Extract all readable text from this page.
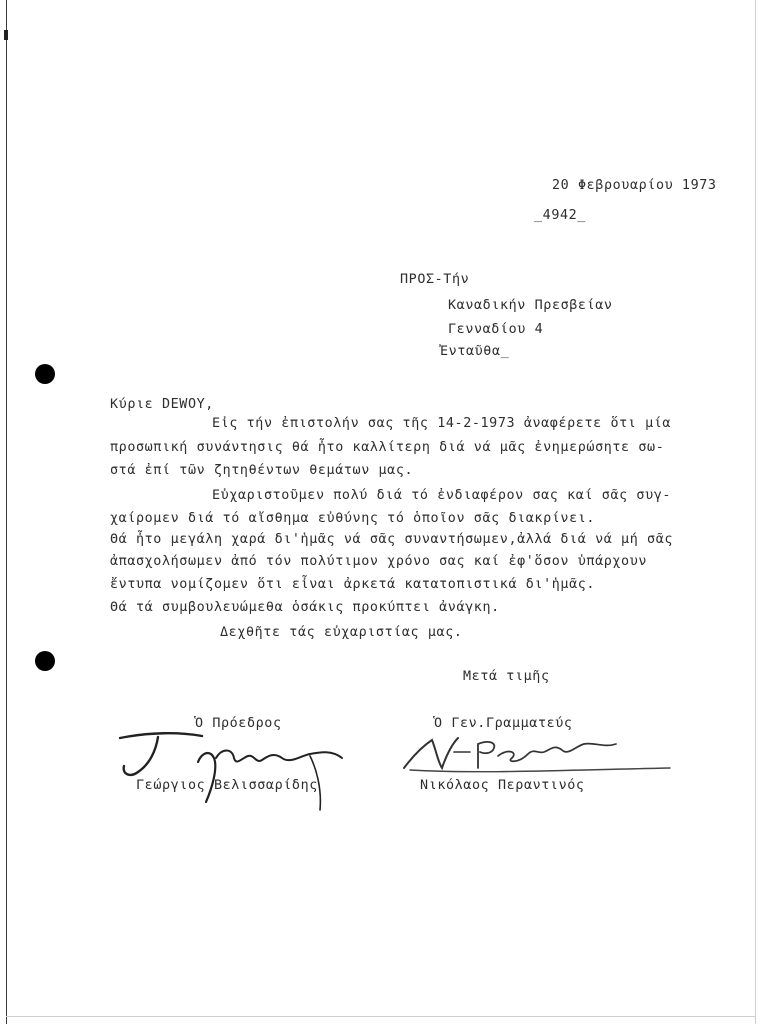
20 Φεβρουαρίου 1973
_4942_
ΠΡΟΣ-Τήν
Καναδικήν Πρεσβείαν
Γενναδίου 4
Ἐνταῦθα_
Κύριε DEWOY,
Εἰς τήν ἐπιστολήν σας τῆς 14-2-1973 ἀναφέρετε ὅτι μία
προσωπική συνάντησις θά ἦτο καλλίτερη διά νά μᾶς ἐνημερώσητε σω-
στά ἐπί τῶν ζητηθέντων θεμάτων μας.
Εὐχαριστοῦμεν πολύ διά τό ἐνδιαφέρον σας καί σᾶς συγ-
χαίρομεν διά τό αἴσθημα εὐθύνης τό ὁποῖον σᾶς διακρίνει.
Θά ἦτο μεγάλη χαρά δι'ἡμᾶς νά σᾶς συναντήσωμεν,ἀλλά διά νά μή σᾶς
ἀπασχολήσωμεν ἀπό τόν πολύτιμον χρόνο σας καί ἐφ'ὅσον ὑπάρχουν
ἔντυπα νομίζομεν ὅτι εἶναι ἀρκετά κατατοπιστικά δι'ἡμᾶς.
Θά τά συμβουλευώμεθα ὁσάκις προκύπτει ἀνάγκη.
Δεχθῆτε τάς εὐχαριστίας μας.
Μετά τιμῆς
Ὁ Πρόεδρος	Ὁ Γεν.Γραμματεύς
Γεώργιος Βελισσαρίδης	Νικόλαος Περαντινός
